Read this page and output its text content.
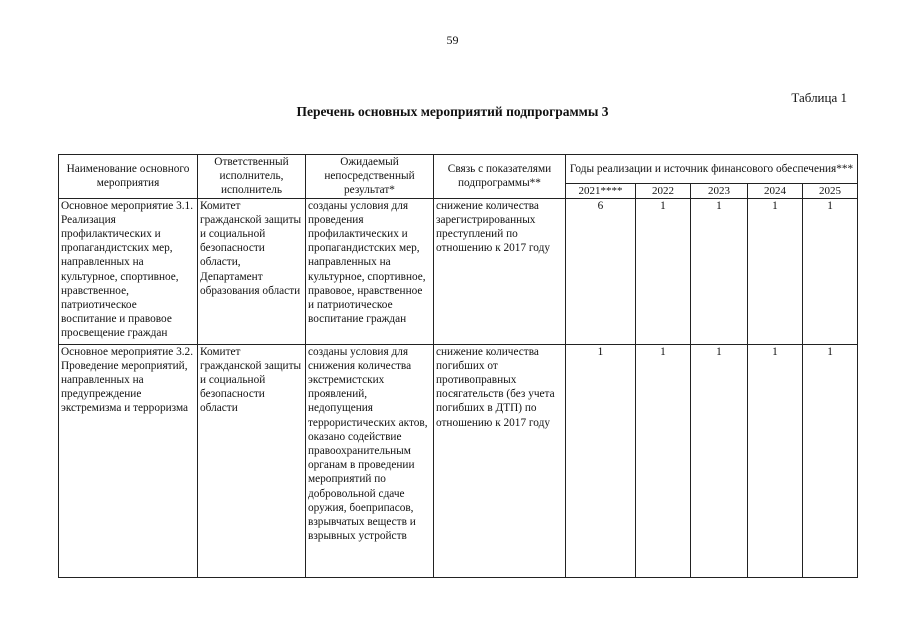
59
Таблица 1
Перечень основных мероприятий подпрограммы 3
Наименование основного мероприятия	Ответственный исполнитель, исполнитель	Ожидаемый непосредственный результат*	Связь с показателями подпрограммы**	Годы реализации и источник финансового обеспечения***				
				2021****	2022	2023	2024	2025
Основное мероприятие 3.1. Реализация профилактических и пропагандистских мер, направленных на культурное, спортивное, нравственное, патриотическое воспитание и правовое просвещение граждан	Комитет гражданской защиты и социальной безопасности области, Департамент образования области	созданы условия для проведения профилактических и пропагандистских мер, направленных на культурное, спортивное, правовое, нравственное и патриотическое воспитание граждан	снижение количества зарегистрированных преступлений по отношению к 2017 году	6	1	1	1	1
Основное мероприятие 3.2. Проведение мероприятий, направленных на предупреждение экстремизма и терроризма	Комитет гражданской защиты и социальной безопасности области	созданы условия для снижения количества экстремистских проявлений, недопущения террористических актов, оказано содействие правоохранительным органам в проведении мероприятий по добровольной сдаче оружия, боеприпасов, взрывчатых веществ и взрывных устройств	снижение количества погибших от противоправных посягательств (без учета погибших в ДТП) по отношению к 2017 году	1	1	1	1	1
